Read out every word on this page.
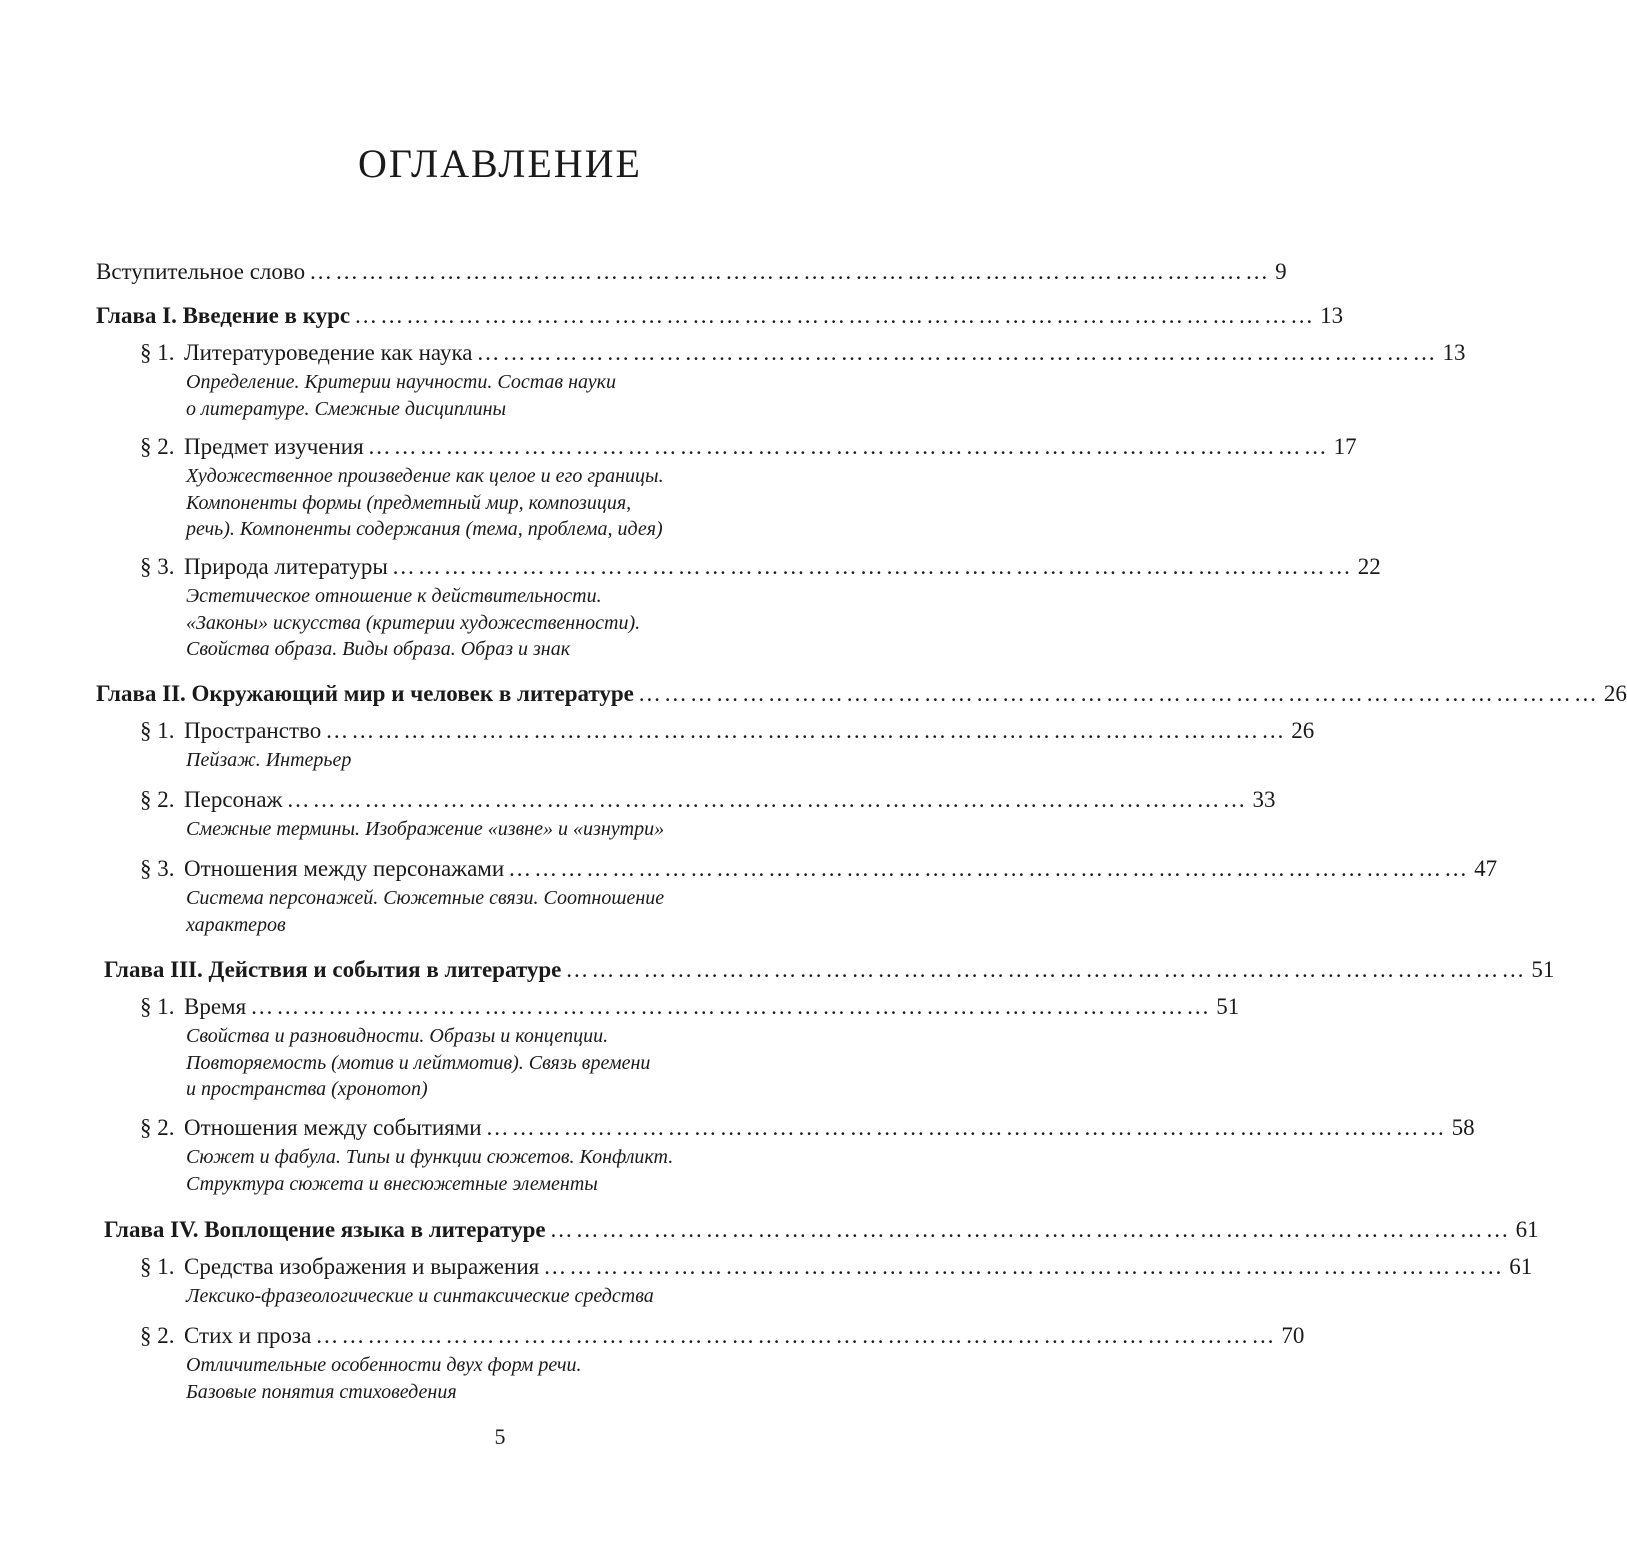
ОГЛАВЛЕНИЕ
Вступительное слово ………………………………………………………………………………………………… 9
Глава I. Введение в курс ………………………………………………………………………………………………… 13
§ 1. Литературоведение как наука ………………………………………………………………………………………………… 13
Определение. Критерии научности. Состав науки
о литературе. Смежные дисциплины
§ 2. Предмет изучения ………………………………………………………………………………………………… 17
Художественное произведение как целое и его границы.
Компоненты формы (предметный мир, композиция,
речь). Компоненты содержания (тема, проблема, идея)
§ 3. Природа литературы ………………………………………………………………………………………………… 22
Эстетическое отношение к действительности.
«Законы» искусства (критерии художественности).
Свойства образа. Виды образа. Образ и знак
Глава II. Окружающий мир и человек в литературе ………………………………………………………………………………………………… 26
§ 1. Пространство ………………………………………………………………………………………………… 26
Пейзаж. Интерьер
§ 2. Персонаж ………………………………………………………………………………………………… 33
Смежные термины. Изображение «извне» и «изнутри»
§ 3. Отношения между персонажами ………………………………………………………………………………………………… 47
Система персонажей. Сюжетные связи. Соотношение
характеров
Глава III. Действия и события в литературе ………………………………………………………………………………………………… 51
§ 1. Время ………………………………………………………………………………………………… 51
Свойства и разновидности. Образы и концепции.
Повторяемость (мотив и лейтмотив). Связь времени
и пространства (хронотоп)
§ 2. Отношения между событиями ………………………………………………………………………………………………… 58
Сюжет и фабула. Типы и функции сюжетов. Конфликт.
Структура сюжета и внесюжетные элементы
Глава IV. Воплощение языка в литературе ………………………………………………………………………………………………… 61
§ 1. Средства изображения и выражения ………………………………………………………………………………………………… 61
Лексико-фразеологические и синтаксические средства
§ 2. Стих и проза ………………………………………………………………………………………………… 70
Отличительные особенности двух форм речи.
Базовые понятия стиховедения
5
